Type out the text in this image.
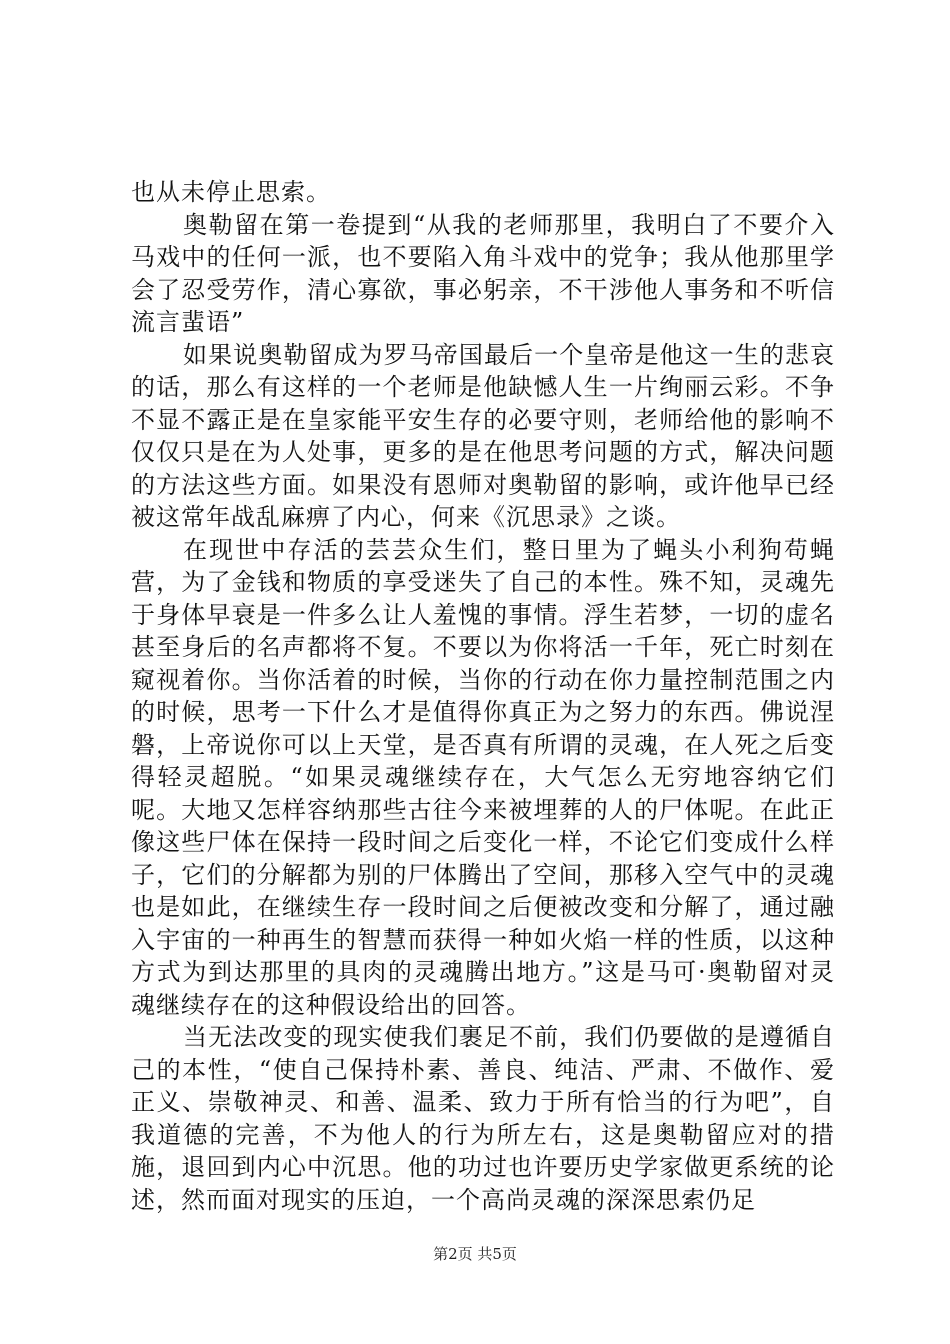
也从未停止思索。

奥勒留在第一卷提到“从我的老师那里，我明白了不要介入马戏中的任何一派，也不要陷入角斗戏中的党争；我从他那里学会了忍受劳作，清心寡欲，事必躬亲，不干涉他人事务和不听信流言蜚语”

如果说奥勒留成为罗马帝国最后一个皇帝是他这一生的悲哀的话，那么有这样的一个老师是他缺憾人生一片绚丽云彩。不争不显不露正是在皇家能平安生存的必要守则，老师给他的影响不仅仅只是在为人处事，更多的是在他思考问题的方式，解决问题的方法这些方面。如果没有恩师对奥勒留的影响，或许他早已经被这常年战乱麻痹了内心，何来《沉思录》之谈。

在现世中存活的芸芸众生们，整日里为了蝇头小利狗苟蝇营，为了金钱和物质的享受迷失了自己的本性。殊不知，灵魂先于身体早衰是一件多么让人羞愧的事情。浮生若梦，一切的虚名甚至身后的名声都将不复。不要以为你将活一千年，死亡时刻在窥视着你。当你活着的时候，当你的行动在你力量控制范围之内的时候，思考一下什么才是值得你真正为之努力的东西。佛说涅磐，上帝说你可以上天堂，是否真有所谓的灵魂，在人死之后变得轻灵超脱。“如果灵魂继续存在，大气怎么无穷地容纳它们呢。大地又怎样容纳那些古往今来被埋葬的人的尸体呢。在此正像这些尸体在保持一段时间之后变化一样，不论它们变成什么样子，它们的分解都为别的尸体腾出了空间，那移入空气中的灵魂也是如此，在继续生存一段时间之后便被改变和分解了，通过融入宇宙的一种再生的智慧而获得一种如火焰一样的性质，以这种方式为到达那里的具肉的灵魂腾出地方。”这是马可·奥勒留对灵魂继续存在的这种假设给出的回答。

当无法改变的现实使我们裹足不前，我们仍要做的是遵循自己的本性，“使自己保持朴素、善良、纯洁、严肃、不做作、爱正义、崇敬神灵、和善、温柔、致力于所有恰当的行为吧”，自我道德的完善，不为他人的行为所左右，这是奥勒留应对的措施，退回到内心中沉思。他的功过也许要历史学家做更系统的论述，然而面对现实的压迫，一个高尚灵魂的深深思索仍足

第2页 共5页
